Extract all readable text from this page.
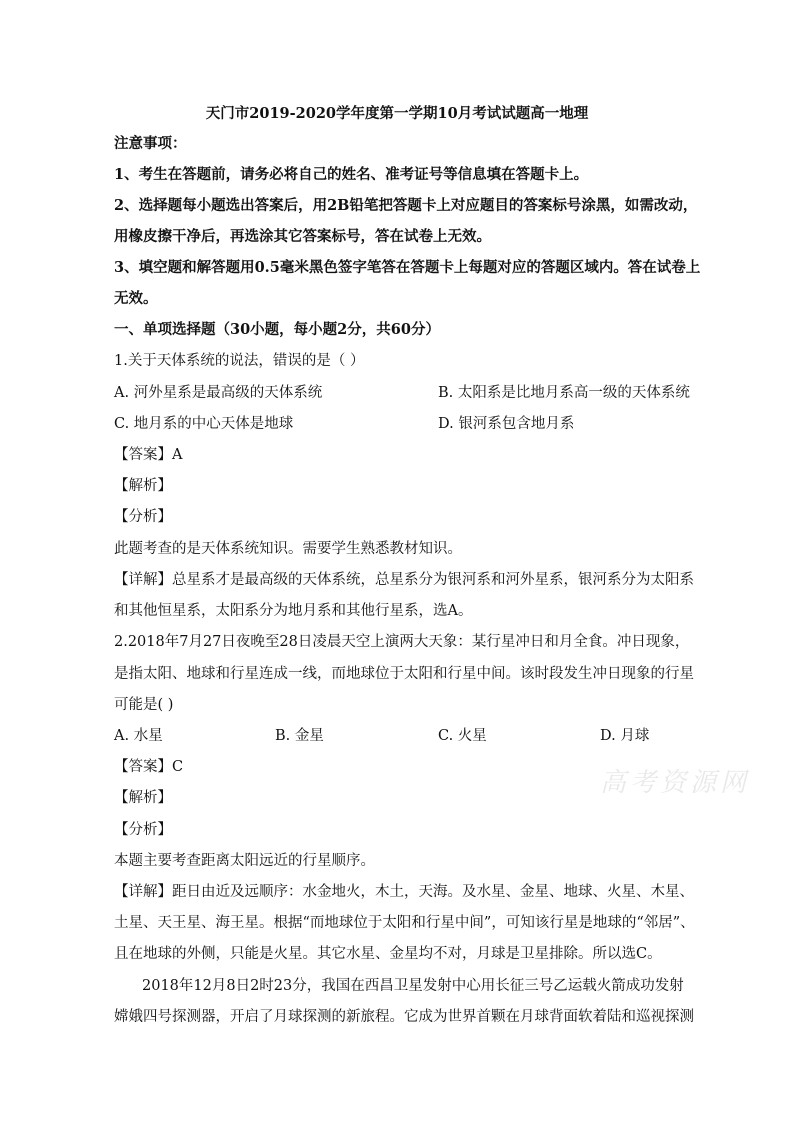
天门市2019-2020学年度第一学期10月考试试题高一地理
注意事项：
1、考生在答题前，请务必将自己的姓名、准考证号等信息填在答题卡上。
2、选择题每小题选出答案后，用2B铅笔把答题卡上对应题目的答案标号涂黑，如需改动，
用橡皮擦干净后，再选涂其它答案标号，答在试卷上无效。
3、填空题和解答题用0.5毫米黑色签字笔答在答题卡上每题对应的答题区域内。答在试卷上
无效。
一、单项选择题（30小题，每小题2分，共60分）
1.关于天体系统的说法，错误的是（ ）
A. 河外星系是最高级的天体系统	B. 太阳系是比地月系高一级的天体系统
C. 地月系的中心天体是地球	D. 银河系包含地月系
【答案】A
【解析】
【分析】
此题考查的是天体系统知识。需要学生熟悉教材知识。
【详解】总星系才是最高级的天体系统，总星系分为银河系和河外星系，银河系分为太阳系
和其他恒星系，太阳系分为地月系和其他行星系，选A。
2.2018年7月27日夜晚至28日凌晨天空上演两大天象：某行星冲日和月全食。冲日现象，
是指太阳、地球和行星连成一线，而地球位于太阳和行星中间。该时段发生冲日现象的行星
可能是( )
A. 水星	B. 金星	C. 火星	D. 月球
【答案】C
【解析】
【分析】
本题主要考查距离太阳远近的行星顺序。
【详解】距日由近及远顺序：水金地火，木土，天海。及水星、金星、地球、火星、木星、
土星、天王星、海王星。根据“而地球位于太阳和行星中间”，可知该行星是地球的“邻居”、
且在地球的外侧，只能是火星。其它水星、金星均不对，月球是卫星排除。所以选C。
2018年12月8日2时23分，我国在西昌卫星发射中心用长征三号乙运载火箭成功发射
嫦娥四号探测器，开启了月球探测的新旅程。它成为世界首颗在月球背面软着陆和巡视探测
高考资源网
